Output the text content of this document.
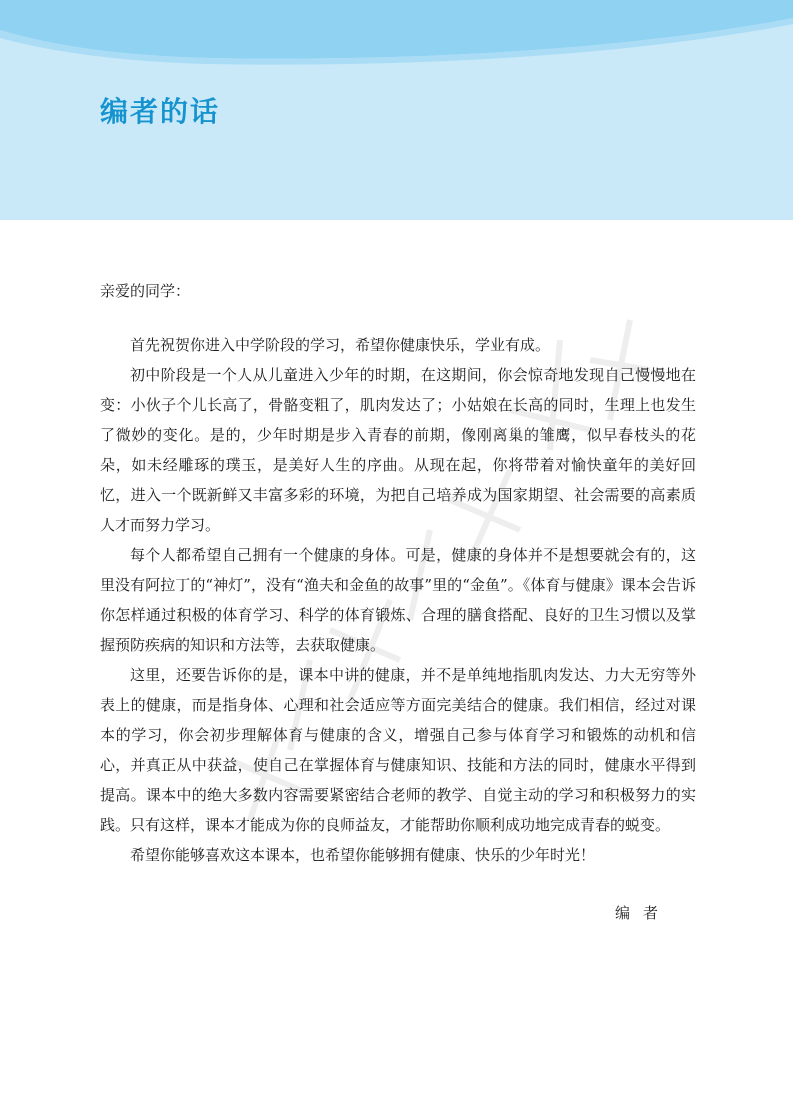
编者的话

亲爱的同学：

首先祝贺你进入中学阶段的学习，希望你健康快乐，学业有成。

初中阶段是一个人从儿童进入少年的时期，在这期间，你会惊奇地发现自己慢慢地在变：小伙子个儿长高了，骨骼变粗了，肌肉发达了；小姑娘在长高的同时，生理上也发生了微妙的变化。是的，少年时期是步入青春的前期，像刚离巢的雏鹰，似早春枝头的花朵，如未经雕琢的璞玉，是美好人生的序曲。从现在起，你将带着对愉快童年的美好回忆，进入一个既新鲜又丰富多彩的环境，为把自己培养成为国家期望、社会需要的高素质人才而努力学习。

每个人都希望自己拥有一个健康的身体。可是，健康的身体并不是想要就会有的，这里没有阿拉丁的“神灯”，没有“渔夫和金鱼的故事”里的“金鱼”。《体育与健康》课本会告诉你怎样通过积极的体育学习、科学的体育锻炼、合理的膳食搭配、良好的卫生习惯以及掌握预防疾病的知识和方法等，去获取健康。

这里，还要告诉你的是，课本中讲的健康，并不是单纯地指肌肉发达、力大无穷等外表上的健康，而是指身体、心理和社会适应等方面完美结合的健康。我们相信，经过对课本的学习，你会初步理解体育与健康的含义，增强自己参与体育学习和锻炼的动机和信心，并真正从中获益，使自己在掌握体育与健康知识、技能和方法的同时，健康水平得到提高。课本中的绝大多数内容需要紧密结合老师的教学、自觉主动的学习和积极努力的实践。只有这样，课本才能成为你的良师益友，才能帮助你顺利成功地完成青春的蜕变。

希望你能够喜欢这本课本，也希望你能够拥有健康、快乐的少年时光！

编者
